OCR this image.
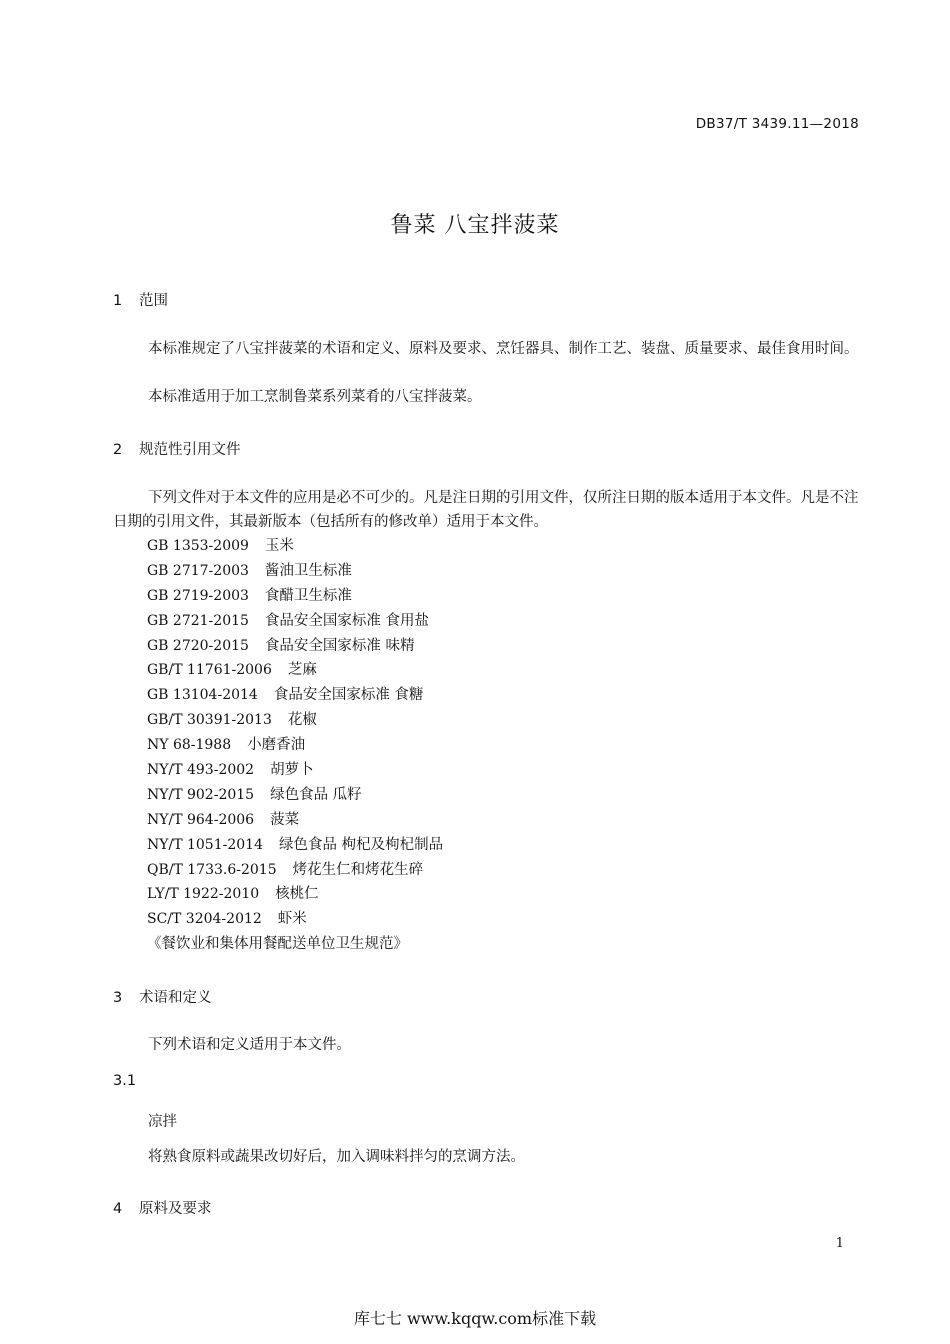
DB37/T 3439.11—2018
鲁菜 八宝拌菠菜
1 范围
本标准规定了八宝拌菠菜的术语和定义、原料及要求、烹饪器具、制作工艺、装盘、质量要求、最佳食用时间。
本标准适用于加工烹制鲁菜系列菜肴的八宝拌菠菜。
2 规范性引用文件
下列文件对于本文件的应用是必不可少的。凡是注日期的引用文件，仅所注日期的版本适用于本文件。凡是不注日期的引用文件，其最新版本（包括所有的修改单）适用于本文件。
GB 1353-2009 玉米
GB 2717-2003 酱油卫生标准
GB 2719-2003 食醋卫生标准
GB 2721-2015 食品安全国家标准 食用盐
GB 2720-2015 食品安全国家标准 味精
GB/T 11761-2006 芝麻
GB 13104-2014 食品安全国家标准 食糖
GB/T 30391-2013 花椒
NY 68-1988 小磨香油
NY/T 493-2002 胡萝卜
NY/T 902-2015 绿色食品 瓜籽
NY/T 964-2006 菠菜
NY/T 1051-2014 绿色食品 枸杞及枸杞制品
QB/T 1733.6-2015 烤花生仁和烤花生碎
LY/T 1922-2010 核桃仁
SC/T 3204-2012 虾米
《餐饮业和集体用餐配送单位卫生规范》
3 术语和定义
下列术语和定义适用于本文件。
3.1
凉拌
将熟食原料或蔬果改切好后，加入调味料拌匀的烹调方法。
4 原料及要求
1
库七七 www.kqqw.com标准下载
